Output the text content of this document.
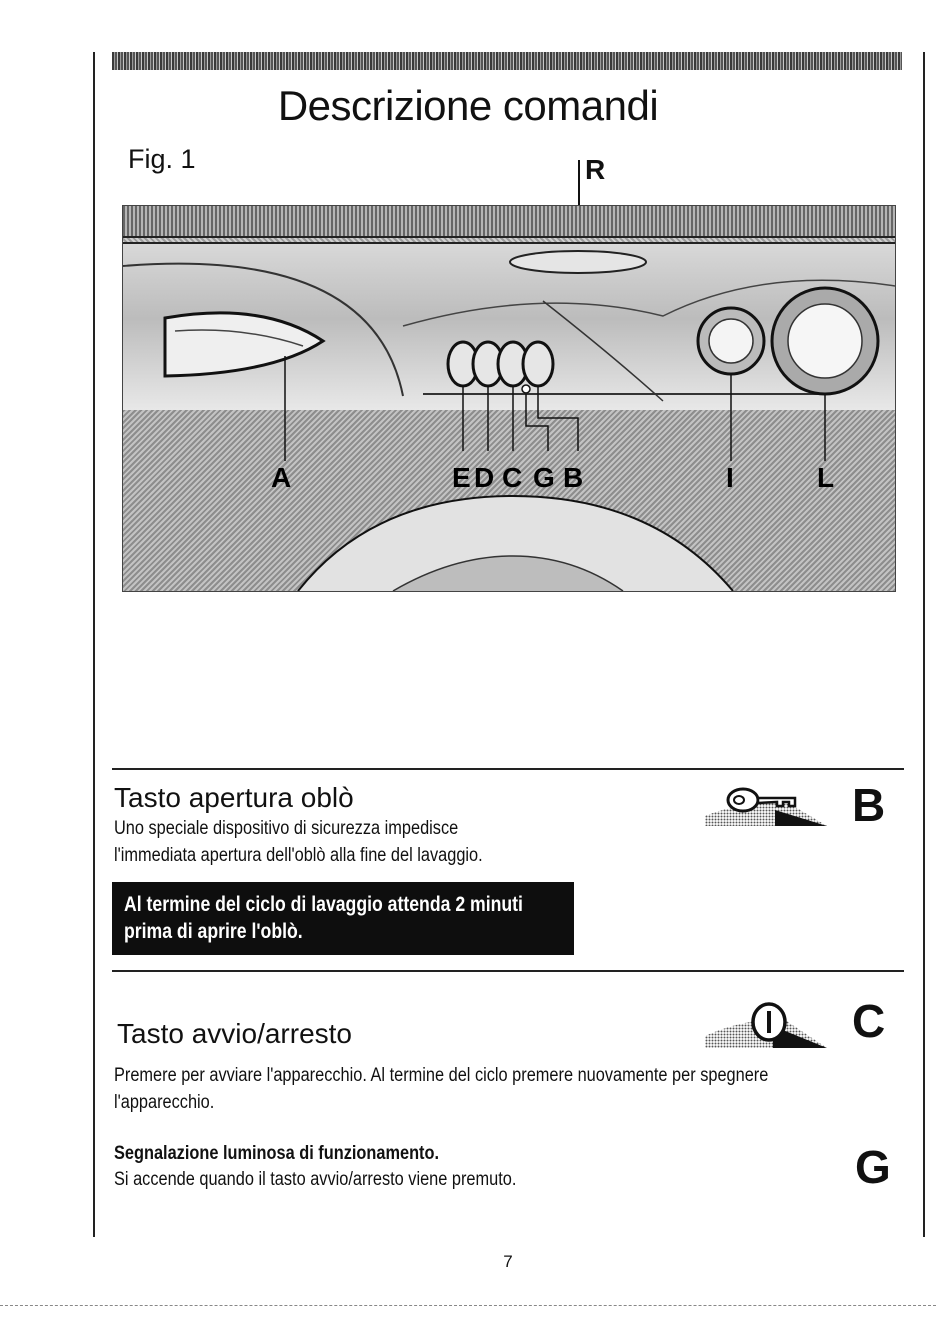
Descrizione comandi
Fig. 1	R
A	E D C G B	I	L
Tasto apertura oblò
Uno speciale dispositivo di sicurezza impedisce
l'immediata apertura dell'oblò alla fine del lavaggio.
B
Al termine del ciclo di lavaggio attenda 2 minuti
prima di aprire l'oblò.
Tasto avvio/arresto	C
Premere per avviare l'apparecchio. Al termine del ciclo premere nuovamente per spegnere
l'apparecchio.
Segnalazione luminosa di funzionamento.
Si accende quando il tasto avvio/arresto viene premuto.	G
7
